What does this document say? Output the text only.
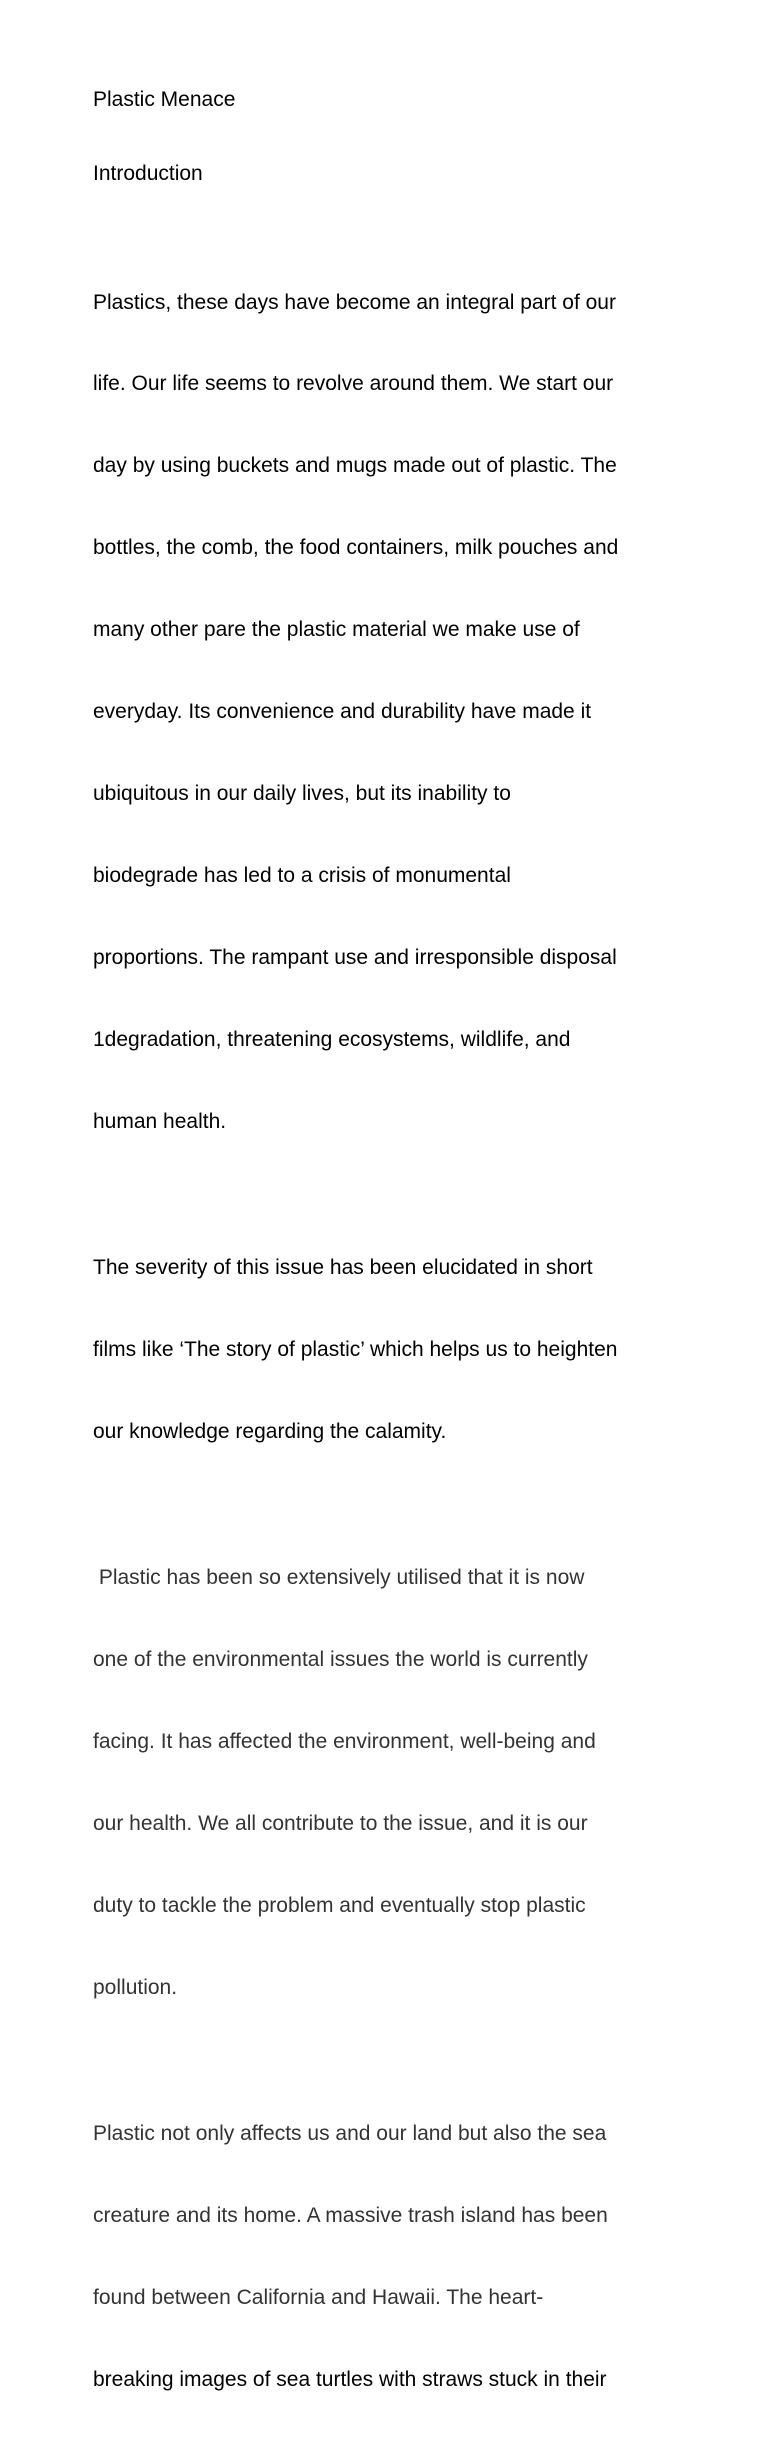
Plastic Menace
Introduction

Plastics, these days have become an integral part of our

life. Our life seems to revolve around them. We start our

day by using buckets and mugs made out of plastic. The

bottles, the comb, the food containers, milk pouches and

many other pare the plastic material we make use of

everyday. Its convenience and durability have made it

ubiquitous in our daily lives, but its inability to

biodegrade has led to a crisis of monumental

proportions. The rampant use and irresponsible disposal

1degradation, threatening ecosystems, wildlife, and

human health.

The severity of this issue has been elucidated in short

films like ‘The story of plastic’ which helps us to heighten

our knowledge regarding the calamity.

Plastic has been so extensively utilised that it is now

one of the environmental issues the world is currently

facing. It has affected the environment, well-being and

our health. We all contribute to the issue, and it is our

duty to tackle the problem and eventually stop plastic

pollution.

Plastic not only affects us and our land but also the sea

creature and its home. A massive trash island has been

found between California and Hawaii. The heart-

breaking images of sea turtles with straws stuck in their
